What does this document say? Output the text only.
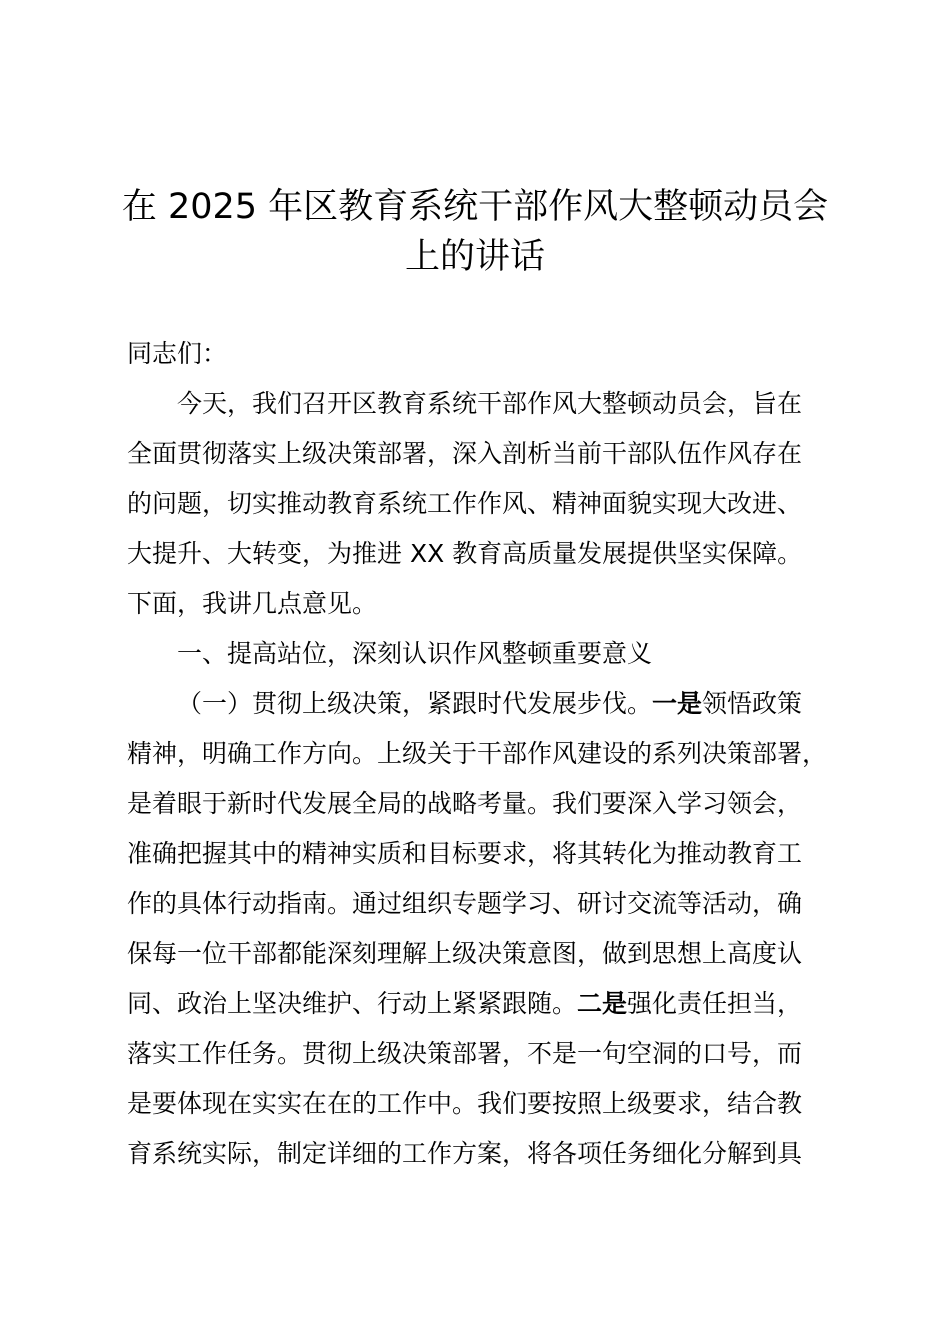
在 2025 年区教育系统干部作风大整顿动员会
上的讲话

同志们：

今天，我们召开区教育系统干部作风大整顿动员会，旨在

全面贯彻落实上级决策部署，深入剖析当前干部队伍作风存在

的问题，切实推动教育系统工作作风、精神面貌实现大改进、

大提升、大转变，为推进 XX 教育高质量发展提供坚实保障。

下面，我讲几点意见。

一、提高站位，深刻认识作风整顿重要意义

（一）贯彻上级决策，紧跟时代发展步伐。一是领悟政策

精神，明确工作方向。上级关于干部作风建设的系列决策部署，

是着眼于新时代发展全局的战略考量。我们要深入学习领会，

准确把握其中的精神实质和目标要求，将其转化为推动教育工

作的具体行动指南。通过组织专题学习、研讨交流等活动，确

保每一位干部都能深刻理解上级决策意图，做到思想上高度认

同、政治上坚决维护、行动上紧紧跟随。二是强化责任担当，

落实工作任务。贯彻上级决策部署，不是一句空洞的口号，而

是要体现在实实在在的工作中。我们要按照上级要求，结合教

育系统实际，制定详细的工作方案，将各项任务细化分解到具
